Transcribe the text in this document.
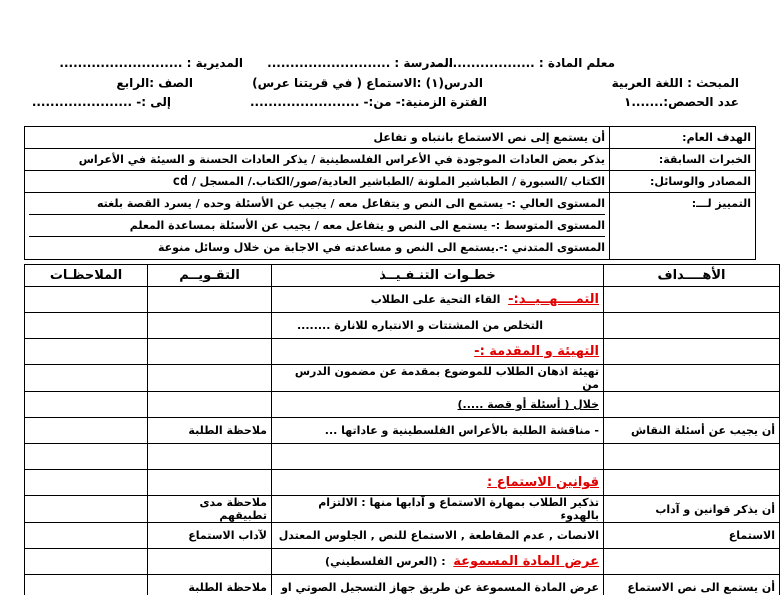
معلم المادة : .......................
المدرسة : ...........................
المديرية : ...........................
المبحث : اللغة العربية
الدرس(١) :الاستماع ( في قريتنا عرس)
الصف :الرابع
عدد الحصص:.......١
الفترة الزمنية:- من:- ........................
إلى :- ......................
الهدف العام:	أن يستمع إلى نص الاستماع بانتباه و تفاعل
الخبرات السابقة:	يذكر بعض العادات الموجودة في الأعراس الفلسطينية / يذكر العادات الحسنة و السيئة في الأعراس
المصادر والوسائل:	الكتاب /السبورة / الطباشير الملونة /الطباشير العادية/صور/الكتاب./ المسجل / cd
التمييز لـــ:	المستوى العالي :- يستمع الى النص و يتفاعل معه / يجيب عن الأسئلة وحده / يسرد القصة بلغته
المستوى المتوسط :- يستمع الى النص و يتفاعل معه / يجيب عن الأسئلة بمساعدة المعلم
المستوى المتدني :-.يستمع الى النص و مساعدته في الاجابة من خلال وسائل منوعة
الأهــــداف	خطـوات التنـفـيــذ	التقـويــم	الملاحظـات
	التمــــهــيــد:-  القاء التحية على الطلاب		
	التخلص من المشتتات و الانتباره للانارة ........		
	التهيئة و المقدمة :-		
	تهيئة اذهان الطلاب للموضوع بمقدمة عن مضمون الدرس من		
	خلال ( أسئلة أو قصة .....)		
أن يجيب عن أسئلة النقاش	- مناقشة الطلبة بالأعراس الفلسطينية و عاداتها ...	ملاحظة الطلبة	

	قوانين الاستماع :		
أن يذكر قوانين و آداب	تذكير الطلاب بمهارة الاستماع و آدابها منها : الالتزام بالهدوء	ملاحظة مدى تطبيقهم	
الاستماع	الانصات , عدم المقاطعة , الاستماع للنص , الجلوس المعتدل	لآداب الاستماع	
	عرض المادة المسموعة  : (العرس الفلسطيني)		
أن يستمع الى نص الاستماع	عرض المادة المسموعة عن طريق جهاز التسجيل الصوتي او	ملاحظة الطلبة	
